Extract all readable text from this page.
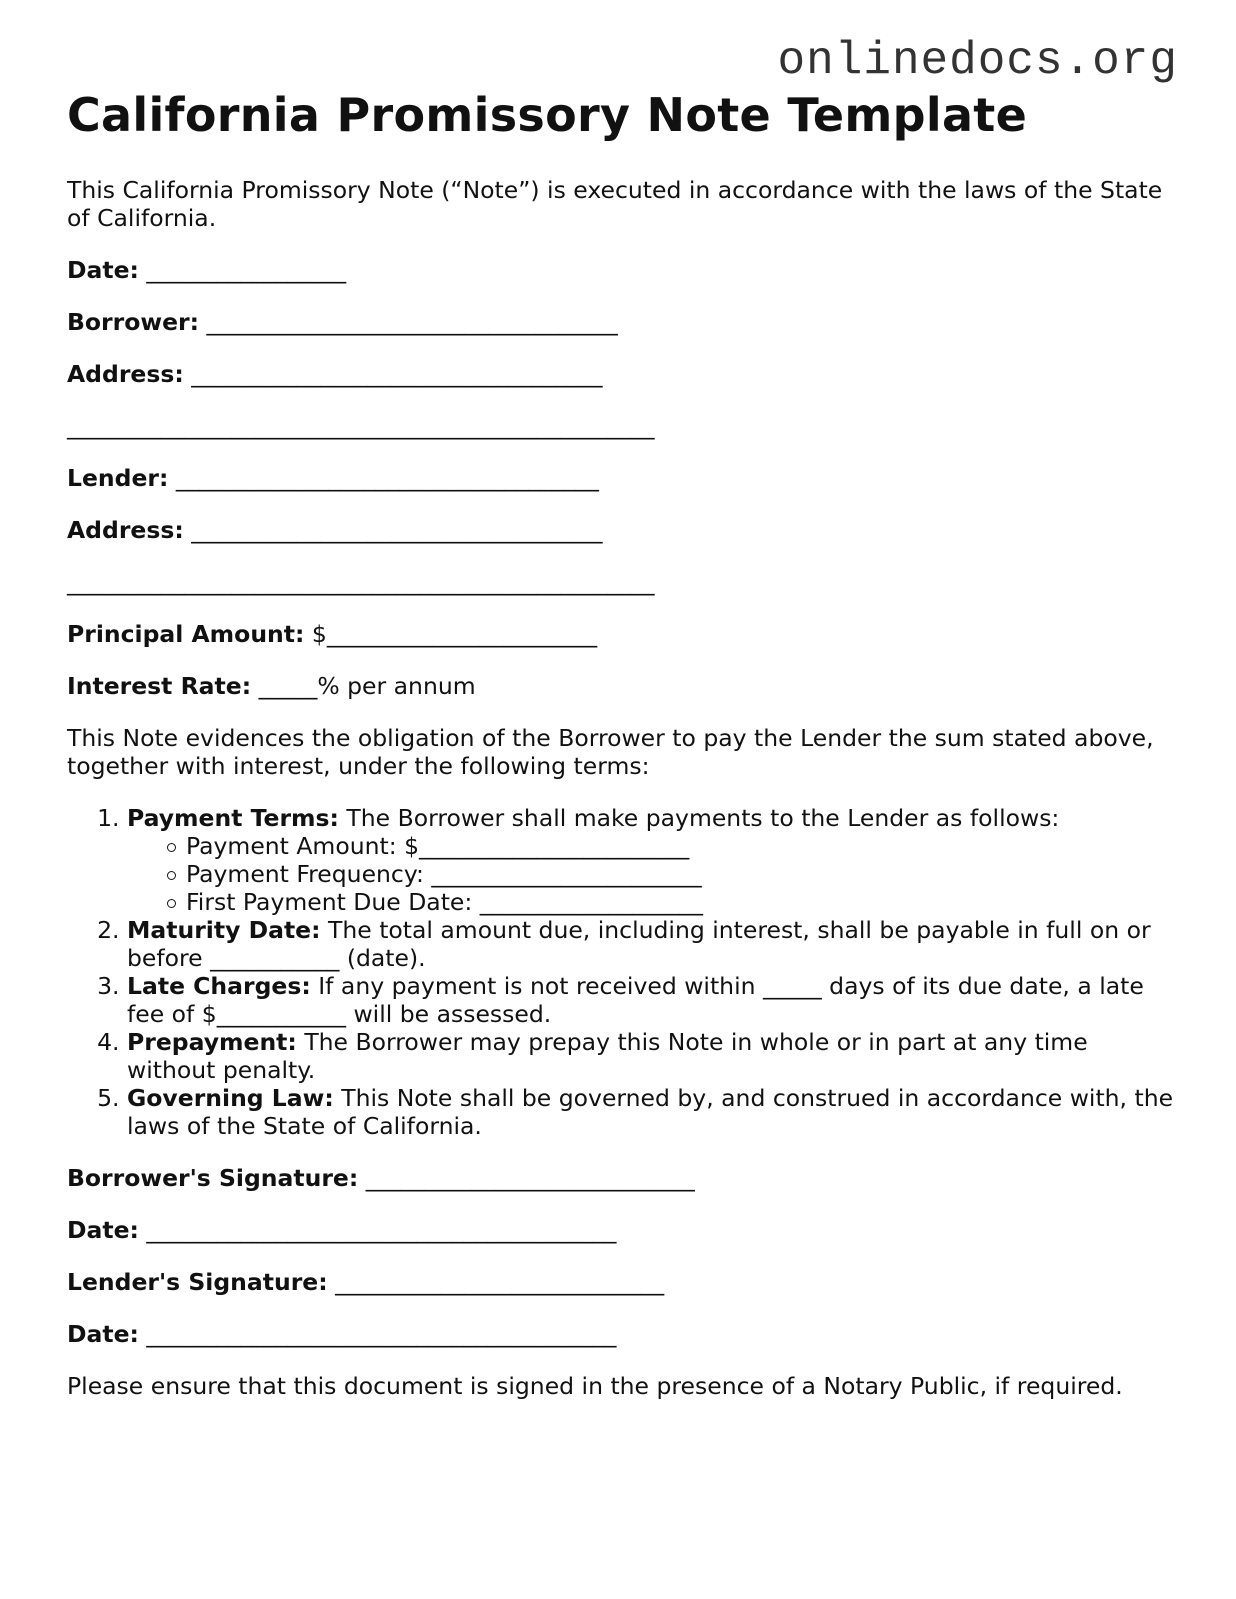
onlinedocs.org
California Promissory Note Template

This California Promissory Note (“Note”) is executed in accordance with the laws of the State of California.

Date: _________________

Borrower: ___________________________________

Address: ___________________________________

__________________________________________________

Lender: ____________________________________

Address: ___________________________________

__________________________________________________

Principal Amount: $_______________________

Interest Rate: _____% per annum

This Note evidences the obligation of the Borrower to pay the Lender the sum stated above, together with interest, under the following terms:

1. Payment Terms: The Borrower shall make payments to the Lender as follows:
Payment Amount: $_______________________
Payment Frequency: _______________________
First Payment Due Date: ___________________
2. Maturity Date: The total amount due, including interest, shall be payable in full on or before ___________ (date).
3. Late Charges: If any payment is not received within _____ days of its due date, a late fee of $___________ will be assessed.
4. Prepayment: The Borrower may prepay this Note in whole or in part at any time without penalty.
5. Governing Law: This Note shall be governed by, and construed in accordance with, the laws of the State of California.

Borrower's Signature: ____________________________

Date: ________________________________________

Lender's Signature: ____________________________

Date: ________________________________________

Please ensure that this document is signed in the presence of a Notary Public, if required.
